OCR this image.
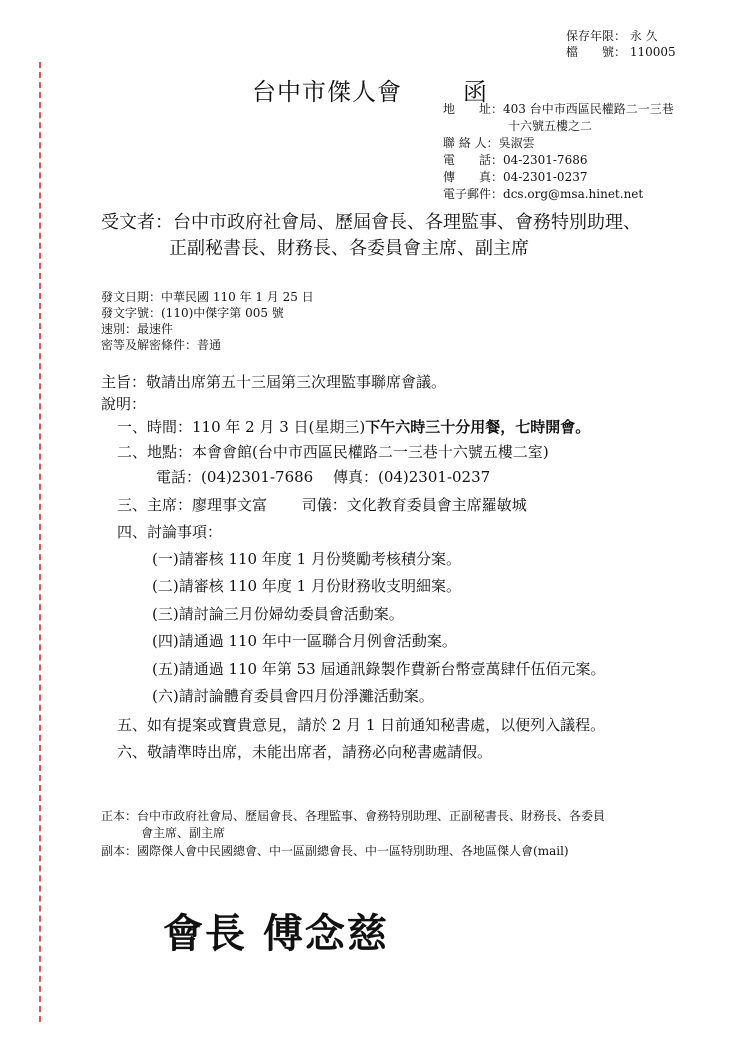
保存年限： 永 久
檔　　號： 110005
台中市傑人會	函
地　　址：403 台中市西區民權路二一三巷
十六號五樓之二
聯 絡 人：吳淑雲
電　　話：04-2301-7686
傳　　真：04-2301-0237
電子郵件：dcs.org@msa.hinet.net
受文者：台中市政府社會局、歷屆會長、各理監事、會務特別助理、
正副秘書長、財務長、各委員會主席、副主席
發文日期：中華民國 110 年 1 月 25 日
發文字號：(110)中傑字第 005 號
速別：最速件
密等及解密條件：普通
主旨：敬請出席第五十三屆第三次理監事聯席會議。
說明：
一、時間：110 年 2 月 3 日(星期三)下午六時三十分用餐，七時開會。
二、地點：本會會館(台中市西區民權路二一三巷十六號五樓二室)
電話：(04)2301-7686　 傳真：(04)2301-0237
三、主席：廖理事文富　　 司儀：文化教育委員會主席羅敏城
四、討論事項：
(一)請審核 110 年度 1 月份獎勵考核積分案。
(二)請審核 110 年度 1 月份財務收支明細案。
(三)請討論三月份婦幼委員會活動案。
(四)請通過 110 年中一區聯合月例會活動案。
(五)請通過 110 年第 53 屆通訊錄製作費新台幣壹萬肆仟伍佰元案。
(六)請討論體育委員會四月份淨灘活動案。
五、如有提案或寶貴意見，請於 2 月 1 日前通知秘書處，以便列入議程。
六、敬請準時出席，未能出席者，請務必向秘書處請假。
正本：台中市政府社會局、歷屆會長、各理監事、會務特別助理、正副秘書長、財務長、各委員
會主席、副主席
副本：國際傑人會中民國總會、中一區副總會長、中一區特別助理、各地區傑人會(mail)
會長 傅念慈
